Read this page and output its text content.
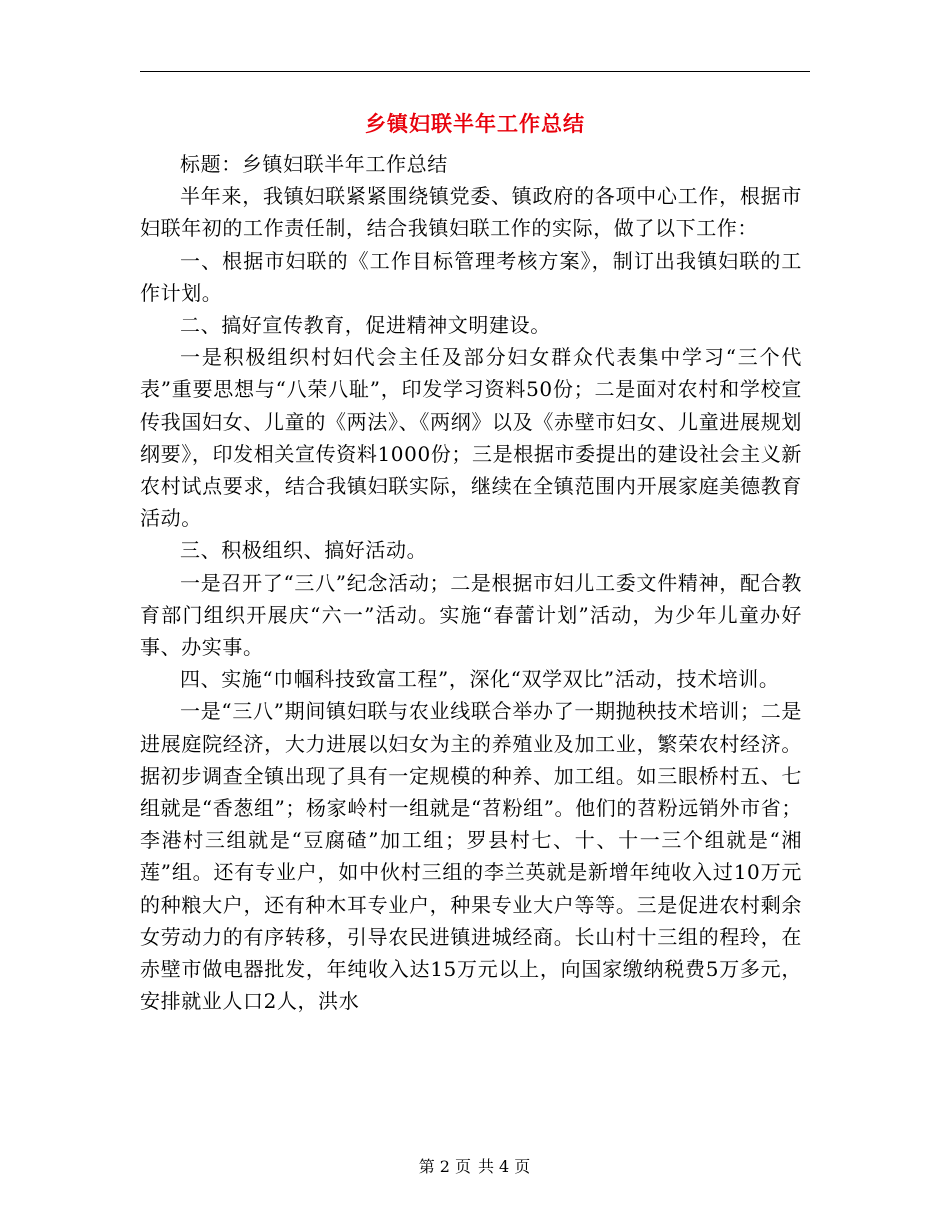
乡镇妇联半年工作总结

标题：乡镇妇联半年工作总结

半年来，我镇妇联紧紧围绕镇党委、镇政府的各项中心工作，根据市妇联年初的工作责任制，结合我镇妇联工作的实际，做了以下工作：

一、根据市妇联的《工作目标管理考核方案》，制订出我镇妇联的工作计划。

二、搞好宣传教育，促进精神文明建设。

一是积极组织村妇代会主任及部分妇女群众代表集中学习“三个代表”重要思想与“八荣八耻”，印发学习资料50份；二是面对农村和学校宣传我国妇女、儿童的《两法》、《两纲》以及《赤壁市妇女、儿童进展规划纲要》，印发相关宣传资料1000份；三是根据市委提出的建设社会主义新农村试点要求，结合我镇妇联实际，继续在全镇范围内开展家庭美德教育活动。

三、积极组织、搞好活动。

一是召开了“三八”纪念活动；二是根据市妇儿工委文件精神，配合教育部门组织开展庆“六一”活动。实施“春蕾计划”活动，为少年儿童办好事、办实事。

四、实施“巾帼科技致富工程”，深化“双学双比”活动，技术培训。

一是“三八”期间镇妇联与农业线联合举办了一期抛秧技术培训；二是进展庭院经济，大力进展以妇女为主的养殖业及加工业，繁荣农村经济。据初步调查全镇出现了具有一定规模的种养、加工组。如三眼桥村五、七组就是“香葱组”；杨家岭村一组就是“苕粉组”。他们的苕粉远销外市省；李港村三组就是“豆腐碴”加工组；罗县村七、十、十一三个组就是“湘莲”组。还有专业户，如中伙村三组的李兰英就是新增年纯收入过10万元的种粮大户，还有种木耳专业户，种果专业大户等等。三是促进农村剩余女劳动力的有序转移，引导农民进镇进城经商。长山村十三组的程玲，在赤壁市做电器批发，年纯收入达15万元以上，向国家缴纳税费5万多元，安排就业人口2人，洪水

第 2 页 共 4 页
